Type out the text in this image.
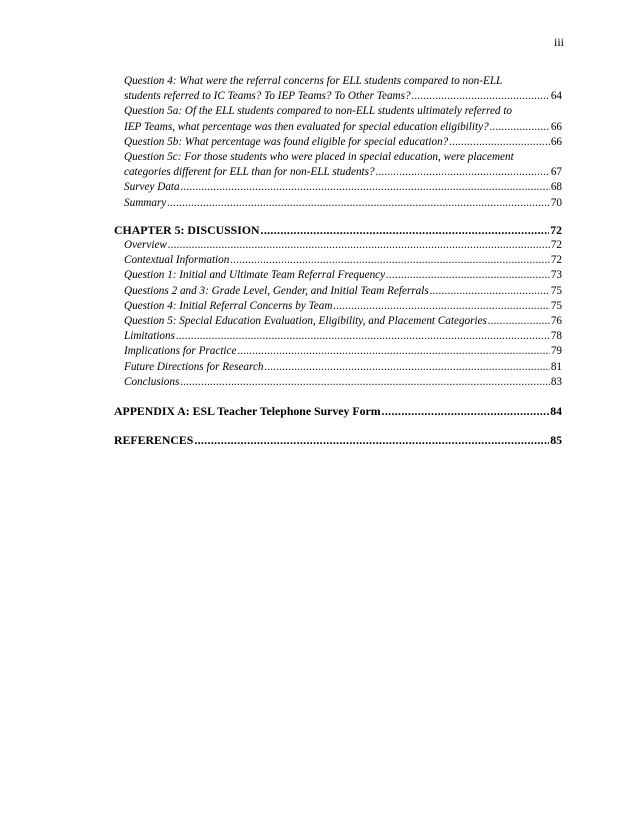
iii
Question 4: What were the referral concerns for ELL students compared to non-ELL
students referred to IC Teams? To IEP Teams? To Other Teams? . . .	64
Question 5a: Of the ELL students compared to non-ELL students ultimately referred to
IEP Teams, what percentage was then evaluated for special education eligibility? . . .	66
Question 5b: What percentage was found eligible for special education? . . .	66
Question 5c: For those students who were placed in special education, were placement
categories different for ELL than for non-ELL students? . . .	67
Survey Data . . .	68
Summary . . .	70
CHAPTER 5: DISCUSSION . . .	72
Overview . . .	72
Contextual Information . . .	72
Question 1: Initial and Ultimate Team Referral Frequency . . .	73
Questions 2 and 3: Grade Level, Gender, and Initial Team Referrals . . .	75
Question 4: Initial Referral Concerns by Team . . .	75
Question 5: Special Education Evaluation, Eligibility, and Placement Categories . . .	76
Limitations . . .	78
Implications for Practice . . .	79
Future Directions for Research . . .	81
Conclusions . . .	83
APPENDIX A: ESL Teacher Telephone Survey Form . . .	84
REFERENCES . . .	85
